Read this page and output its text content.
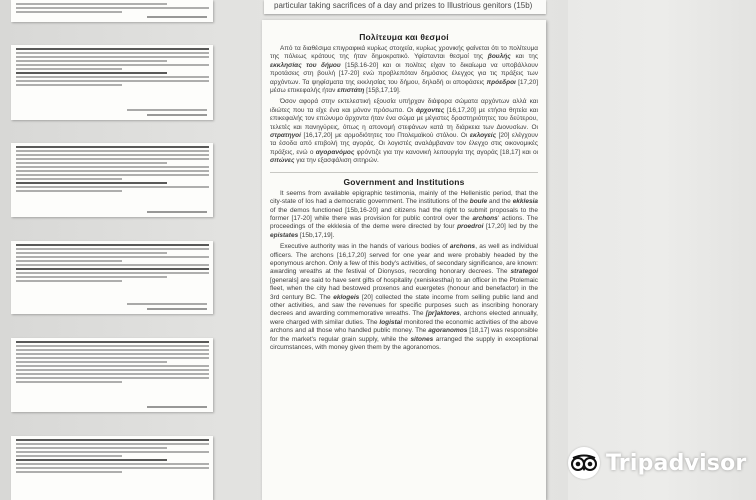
particular taking sacrifices of a day and prizes to Illustrious genitors (15b)
Πολίτευμα και θεσμοί

Από τα διαθέσιμα επιγραφικά κυρίως στοιχεία, κυρίως χρονικής φαίνεται ότι το πολίτευμα της πόλεως κράτους της ήταν δημοκρατικό. Υφίστανται θεσμοί της βουλής και της εκκλησίας του δήμου [15β.16-20] και οι πολίτες είχαν το δικαίωμα να υποβάλλουν προτάσεις στη βουλή [17-20] ενώ προβλεπόταν δημόσιος έλεγχος για τις πράξεις των αρχόντων. Τα ψηφίσματα της εκκλησίας του δήμου, δηλαδή οι αποφάσεις πρόεδροι [17,20] μέσω επικεφαλής ήταν επιστάτη [15β,17,19].

Όσον αφορά στην εκτελεστική εξουσία υπήρχαν διάφορα σώματα αρχόντων αλλά και ιδιώτες που τα είχε ένα και μόνον πρόσωπο. Οι άρχοντες [16,17,20] με ετήσια θητεία και επικεφαλής τον επώνυμο άρχοντα ήταν ένα σώμα με μέγιστες δραστηριότητες του δεύτερου, τελετές και πανηγύρεις, όπως η απονομή στεφάνων κατά τη διάρκεια των Διονυσίων. Οι στρατηγοί [16,17,20] με αρμοδιότητες του Πτολεμαϊκού στόλου. Οι εκλογείς [20] ελέγχουν τα έσοδα από επιβολή της αγοράς. Οι λογιστές αναλάμβαναν τον έλεγχο στις οικονομικές πράξεις, ενώ ο αγορανόμος φρόντιζε για την κανονική λειτουργία της αγοράς [18,17] και οι σιτώνες για την εξασφάλιση σιτηρών.

Government and Institutions

It seems from available epigraphic testimonia, mainly of the Hellenistic period, that the city-state of Ios had a democratic government. The institutions of the boule and the ekklesia of the demos functioned [15b,16-20] and citizens had the right to submit proposals to the former [17-20] while there was provision for public control over the archons' actions. The proceedings of the ekklesia of the deme were directed by four proedroi [17,20] led by the epistates [15b,17,19].

Executive authority was in the hands of various bodies of archons, as well as individual officers. The archons [16,17,20] served for one year and were probably headed by the eponymous archon. Only a few of this body's activities, of secondary significance, are known: awarding wreaths at the festival of Dionysos, recording honorary decrees. The strategoi [generals] are said to have sent gifts of hospitality (xeniskesthai) to an officer in the Ptolemaic fleet, when the city had bestowed proxenos and euergetes (honour and benefactor) in the 3rd century BC. The eklogeis [20] collected the state income from selling public land and other activities, and saw the revenues for specific purposes such as inscribing honorary decrees and awarding commemorative wreaths. The [pr]aktores, archons elected annually, were charged with similar duties. The logistai monitored the economic activities of the above archons and all those who handled public money. The agoranomos [18,17] was responsible for the market's regular grain supply, while the sitones arranged the supply in exceptional circumstances, with money given them by the agoranomos.

Tripadvisor
